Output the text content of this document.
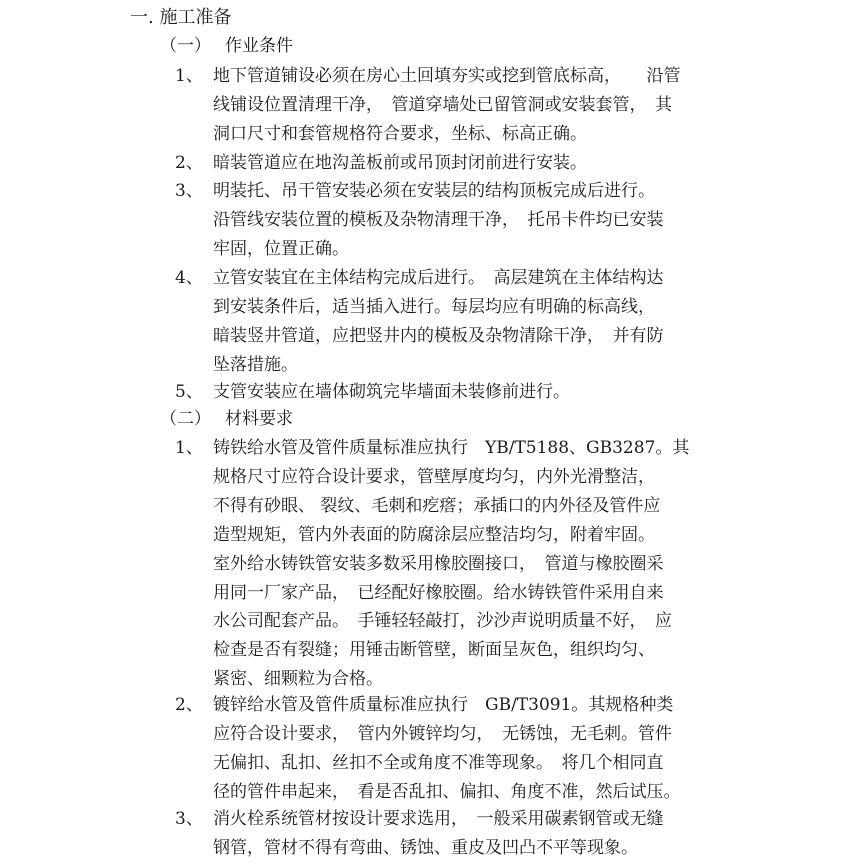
一. 施工准备
（一） 作业条件
1、 地下管道铺设必须在房心土回填夯实或挖到管底标高，　　沿管
线铺设位置清理干净，　管道穿墙处已留管洞或安装套管，　其
洞口尺寸和套管规格符合要求，坐标、标高正确。
2、 暗装管道应在地沟盖板前或吊顶封闭前进行安装。
3、 明装托、吊干管安装必须在安装层的结构顶板完成后进行。
沿管线安装位置的模板及杂物清理干净，　托吊卡件均已安装
牢固，位置正确。
4、 立管安装宜在主体结构完成后进行。　高层建筑在主体结构达
到安装条件后，适当插入进行。每层均应有明确的标高线，
暗装竖井管道，应把竖井内的模板及杂物清除干净，　并有防
坠落措施。
5、 支管安装应在墙体砌筑完毕墙面未装修前进行。
（二） 材料要求
1、 铸铁给水管及管件质量标准应执行　YB/T5188、GB3287。其
规格尺寸应符合设计要求，管壁厚度均匀，内外光滑整洁，
不得有砂眼、 裂纹、毛刺和疙瘩；承插口的内外径及管件应
造型规矩，管内外表面的防腐涂层应整洁均匀，附着牢固。
室外给水铸铁管安装多数采用橡胶圈接口，　管道与橡胶圈采
用同一厂家产品，　已经配好橡胶圈。给水铸铁管件采用自来
水公司配套产品。　手锤轻轻敲打，沙沙声说明质量不好，　应
检查是否有裂缝；用锤击断管壁，断面呈灰色，组织均匀、
紧密、细颗粒为合格。
2、 镀锌给水管及管件质量标准应执行　GB/T3091。其规格种类
应符合设计要求，　管内外镀锌均匀，　无锈蚀，无毛刺。管件
无偏扣、乱扣、丝扣不全或角度不准等现象。　将几个相同直
径的管件串起来，　看是否乱扣、偏扣、角度不准，然后试压。
3、 消火栓系统管材按设计要求选用，　一般采用碳素钢管或无缝
钢管，管材不得有弯曲、锈蚀、重皮及凹凸不平等现象。
